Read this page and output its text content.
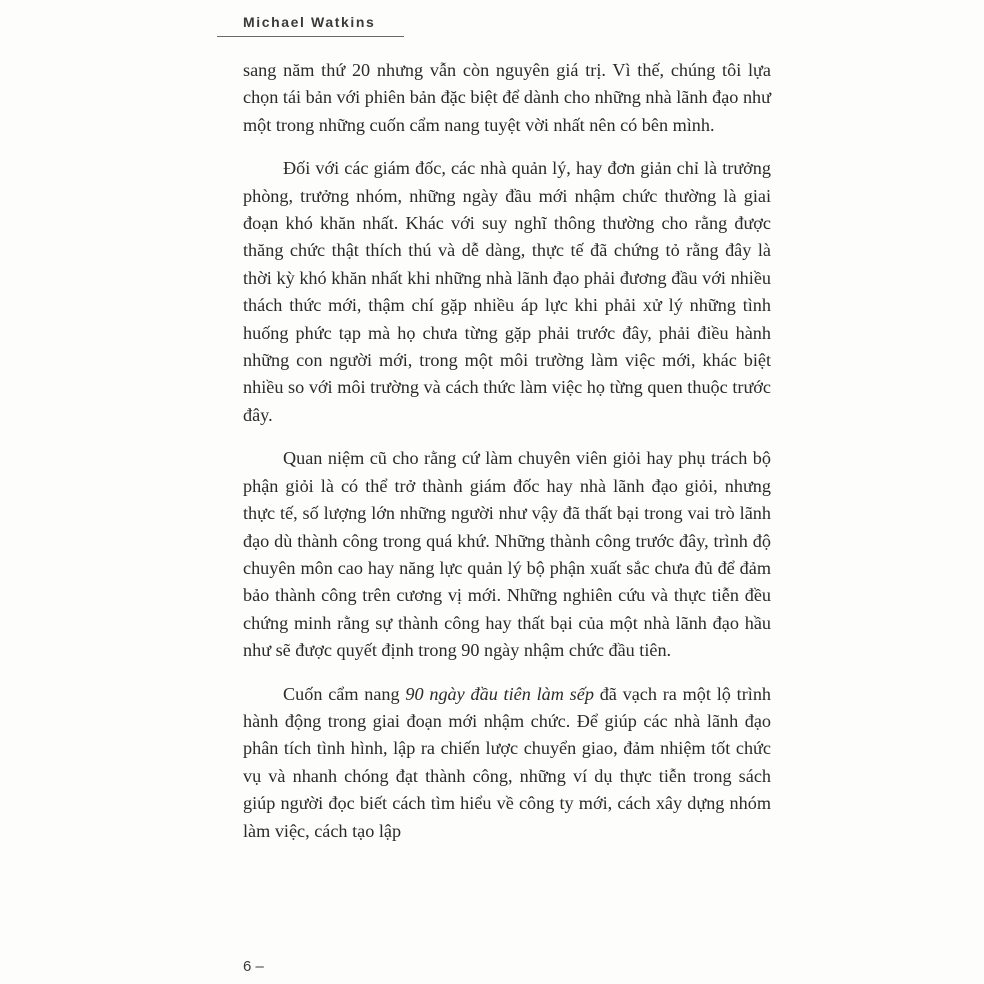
Michael Watkins

sang năm thứ 20 nhưng vẫn còn nguyên giá trị. Vì thế, chúng tôi lựa chọn tái bản với phiên bản đặc biệt để dành cho những nhà lãnh đạo như một trong những cuốn cẩm nang tuyệt vời nhất nên có bên mình.

Đối với các giám đốc, các nhà quản lý, hay đơn giản chỉ là trưởng phòng, trưởng nhóm, những ngày đầu mới nhậm chức thường là giai đoạn khó khăn nhất. Khác với suy nghĩ thông thường cho rằng được thăng chức thật thích thú và dễ dàng, thực tế đã chứng tỏ rằng đây là thời kỳ khó khăn nhất khi những nhà lãnh đạo phải đương đầu với nhiều thách thức mới, thậm chí gặp nhiều áp lực khi phải xử lý những tình huống phức tạp mà họ chưa từng gặp phải trước đây, phải điều hành những con người mới, trong một môi trường làm việc mới, khác biệt nhiều so với môi trường và cách thức làm việc họ từng quen thuộc trước đây.

Quan niệm cũ cho rằng cứ làm chuyên viên giỏi hay phụ trách bộ phận giỏi là có thể trở thành giám đốc hay nhà lãnh đạo giỏi, nhưng thực tế, số lượng lớn những người như vậy đã thất bại trong vai trò lãnh đạo dù thành công trong quá khứ. Những thành công trước đây, trình độ chuyên môn cao hay năng lực quản lý bộ phận xuất sắc chưa đủ để đảm bảo thành công trên cương vị mới. Những nghiên cứu và thực tiễn đều chứng minh rằng sự thành công hay thất bại của một nhà lãnh đạo hầu như sẽ được quyết định trong 90 ngày nhậm chức đầu tiên.

Cuốn cẩm nang 90 ngày đầu tiên làm sếp đã vạch ra một lộ trình hành động trong giai đoạn mới nhậm chức. Để giúp các nhà lãnh đạo phân tích tình hình, lập ra chiến lược chuyển giao, đảm nhiệm tốt chức vụ và nhanh chóng đạt thành công, những ví dụ thực tiễn trong sách giúp người đọc biết cách tìm hiểu về công ty mới, cách xây dựng nhóm làm việc, cách tạo lập

6 –
